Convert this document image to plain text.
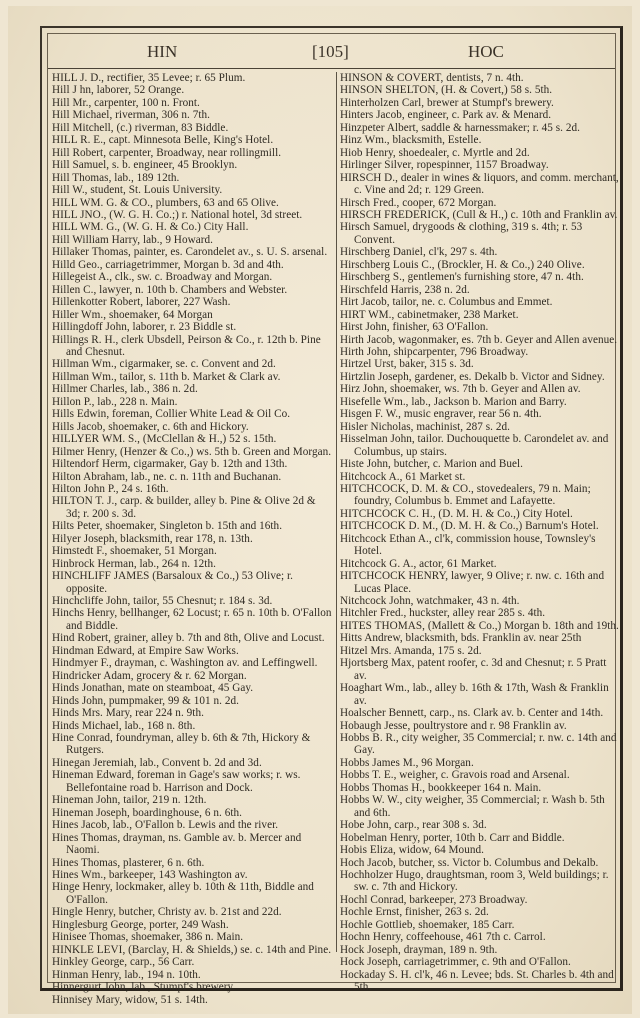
HIN	[105]	HOC

HILL J. D., rectifier, 35 Levee; r. 65 Plum.

Hill J hn, laborer, 52 Orange.

Hill Mr., carpenter, 100 n. Front.

Hill Michael, riverman, 306 n. 7th.

Hill Mitchell, (c.) riverman, 83 Biddle.

HILL R. E., capt. Minnesota Belle, King's Hotel.

Hill Robert, carpenter, Broadway, near rollingmill.

Hill Samuel, s. b. engineer, 45 Brooklyn.

Hill Thomas, lab., 189 12th.

Hill W., student, St. Louis University.

HILL WM. G. & CO., plumbers, 63 and 65 Olive.

HILL JNO., (W. G. H. Co.;) r. National hotel, 3d street.

HILL WM. G., (W. G. H. & Co.) City Hall.

Hill William Harry, lab., 9 Howard.

Hillaker Thomas, painter, es. Carondelet av., s. U. S. arsenal.

Hilld Geo., carriagetrimmer, Morgan b. 3d and 4th.

Hillegeist A., clk., sw. c. Broadway and Morgan.

Hillen C., lawyer, n. 10th b. Chambers and Webster.

Hillenkotter Robert, laborer, 227 Wash.

Hiller Wm., shoemaker, 64 Morgan

Hillingdoff John, laborer, r. 23 Biddle st.

Hillings R. H., clerk Ubsdell, Peirson & Co., r. 12th b. Pine and Chesnut.

Hillman Wm., cigarmaker, se. c. Convent and 2d.

Hillman Wm., tailor, s. 11th b. Market & Clark av.

Hillmer Charles, lab., 386 n. 2d.

Hillon P., lab., 228 n. Main.

Hills Edwin, foreman, Collier White Lead & Oil Co.

Hills Jacob, shoemaker, c. 6th and Hickory.

HILLYER WM. S., (McClellan & H.,) 52 s. 15th.

Hilmer Henry, (Henzer & Co.,) ws. 5th b. Green and Morgan.

Hiltendorf Herm, cigarmaker, Gay b. 12th and 13th.

Hilton Abraham, lab., ne. c. n. 11th and Buchanan.

Hilton John P., 24 s. 16th.

HILTON T. J., carp. & builder, alley b. Pine & Olive 2d & 3d; r. 200 s. 3d.

Hilts Peter, shoemaker, Singleton b. 15th and 16th.

Hilyer Joseph, blacksmith, rear 178, n. 13th.

Himstedt F., shoemaker, 51 Morgan.

Hinbrock Herman, lab., 264 n. 12th.

HINCHLIFF JAMES (Barsaloux & Co.,) 53 Olive; r. opposite.

Hinchcliffe John, tailor, 55 Chesnut; r. 184 s. 3d.

Hinchs Henry, bellhanger, 62 Locust; r. 65 n. 10th b. O'Fallon and Biddle.

Hind Robert, grainer, alley b. 7th and 8th, Olive and Locust.

Hindman Edward, at Empire Saw Works.

Hindmyer F., drayman, c. Washington av. and Leffingwell.

Hindricker Adam, grocery & r. 62 Morgan.

Hinds Jonathan, mate on steamboat, 45 Gay.

Hinds John, pumpmaker, 99 & 101 n. 2d.

Hinds Mrs. Mary, rear 224 n. 9th.

Hinds Michael, lab., 168 n. 8th.

Hine Conrad, foundryman, alley b. 6th & 7th, Hickory & Rutgers.

Hinegan Jeremiah, lab., Convent b. 2d and 3d.

Hineman Edward, foreman in Gage's saw works; r. ws. Bellefontaine road b. Harrison and Dock.

Hineman John, tailor, 219 n. 12th.

Hineman Joseph, boardinghouse, 6 n. 6th.

Hines Jacob, lab., O'Fallon b. Lewis and the river.

Hines Thomas, drayman, ns. Gamble av. b. Mercer and Naomi.

Hines Thomas, plasterer, 6 n. 6th.

Hines Wm., barkeeper, 143 Washington av.

Hinge Henry, lockmaker, alley b. 10th & 11th, Biddle and O'Fallon.

Hingle Henry, butcher, Christy av. b. 21st and 22d.

Hinglesburg George, porter, 249 Wash.

Hinisee Thomas, shoemaker, 386 n. Main.

HINKLE LEVI, (Barclay, H. & Shields,) se. c. 14th and Pine.

Hinkley George, carp., 56 Carr.

Hinman Henry, lab., 194 n. 10th.

Hinnergurt John, lab., Stumpf's brewery.

Hinnisey Mary, widow, 51 s. 14th.

HINSON & COVERT, dentists, 7 n. 4th.

HINSON SHELTON, (H. & Covert,) 58 s. 5th.

Hinterholzen Carl, brewer at Stumpf's brewery.

Hinters Jacob, engineer, c. Park av. & Menard.

Hinzpeter Albert, saddle & harnessmaker; r. 45 s. 2d.

Hinz Wm., blacksmith, Estelle.

Hiob Henry, shoedealer, c. Myrtle and 2d.

Hirlinger Silver, ropespinner, 1157 Broadway.

HIRSCH D., dealer in wines & liquors, and comm. merchant, c. Vine and 2d; r. 129 Green.

Hirsch Fred., cooper, 672 Morgan.

HIRSCH FREDERICK, (Cull & H.,) c. 10th and Franklin av.

Hirsch Samuel, drygoods & clothing, 319 s. 4th; r. 53 Convent.

Hirschberg Daniel, cl'k, 297 s. 4th.

Hirschberg Louis C., (Brockler, H. & Co.,) 240 Olive.

Hirschberg S., gentlemen's furnishing store, 47 n. 4th.

Hirschfeld Harris, 238 n. 2d.

Hirt Jacob, tailor, ne. c. Columbus and Emmet.

HIRT WM., cabinetmaker, 238 Market.

Hirst John, finisher, 63 O'Fallon.

Hirth Jacob, wagonmaker, es. 7th b. Geyer and Allen avenue.

Hirth John, shipcarpenter, 796 Broadway.

Hirtzel Urst, baker, 315 s. 3d.

Hirtzlin Joseph, gardener, es. Dekalb b. Victor and Sidney.

Hirz John, shoemaker, ws. 7th b. Geyer and Allen av.

Hisefelle Wm., lab., Jackson b. Marion and Barry.

Hisgen F. W., music engraver, rear 56 n. 4th.

Hisler Nicholas, machinist, 287 s. 2d.

Hisselman John, tailor. Duchouquette b. Carondelet av. and Columbus, up stairs.

Histe John, butcher, c. Marion and Buel.

Hitchcock A., 61 Market st.

HITCHCOCK, D. M. & CO., stovedealers, 79 n. Main; foundry, Columbus b. Emmet and Lafayette.

HITCHCOCK C. H., (D. M. H. & Co.,) City Hotel.

HITCHCOCK D. M., (D. M. H. & Co.,) Barnum's Hotel.

Hitchcock Ethan A., cl'k, commission house, Townsley's Hotel.

Hitchcock G. A., actor, 61 Market.

HITCHCOCK HENRY, lawyer, 9 Olive; r. nw. c. 16th and Lucas Place.

Nitchcock John, watchmaker, 43 n. 4th.

Hitchler Fred., huckster, alley rear 285 s. 4th.

HITES THOMAS, (Mallett & Co.,) Morgan b. 18th and 19th.

Hitts Andrew, blacksmith, bds. Franklin av. near 25th

Hitzel Mrs. Amanda, 175 s. 2d.

Hjortsberg Max, patent roofer, c. 3d and Chesnut; r. 5 Pratt av.

Hoaghart Wm., lab., alley b. 16th & 17th, Wash & Franklin av.

Hoalscher Bennett, carp., ns. Clark av. b. Center and 14th.

Hobaugh Jesse, poultrystore and r. 98 Franklin av.

Hobbs B. R., city weigher, 35 Commercial; r. nw. c. 14th and Gay.

Hobbs James M., 96 Morgan.

Hobbs T. E., weigher, c. Gravois road and Arsenal.

Hobbs Thomas H., bookkeeper 164 n. Main.

Hobbs W. W., city weigher, 35 Commercial; r. Wash b. 5th and 6th.

Hobe John, carp., rear 308 s. 3d.

Hobelman Henry, porter, 10th b. Carr and Biddle.

Hobis Eliza, widow, 64 Mound.

Hoch Jacob, butcher, ss. Victor b. Columbus and Dekalb.

Hochholzer Hugo, draughtsman, room 3, Weld buildings; r. sw. c. 7th and Hickory.

Hochl Conrad, barkeeper, 273 Broadway.

Hochle Ernst, finisher, 263 s. 2d.

Hochle Gottlieb, shoemaker, 185 Carr.

Hochn Henry, coffeehouse, 461 7th c. Carrol.

Hock Joseph, drayman, 189 n. 9th.

Hock Joseph, carriagetrimmer, c. 9th and O'Fallon.

Hockaday S. H. cl'k, 46 n. Levee; bds. St. Charles b. 4th and 5th.
